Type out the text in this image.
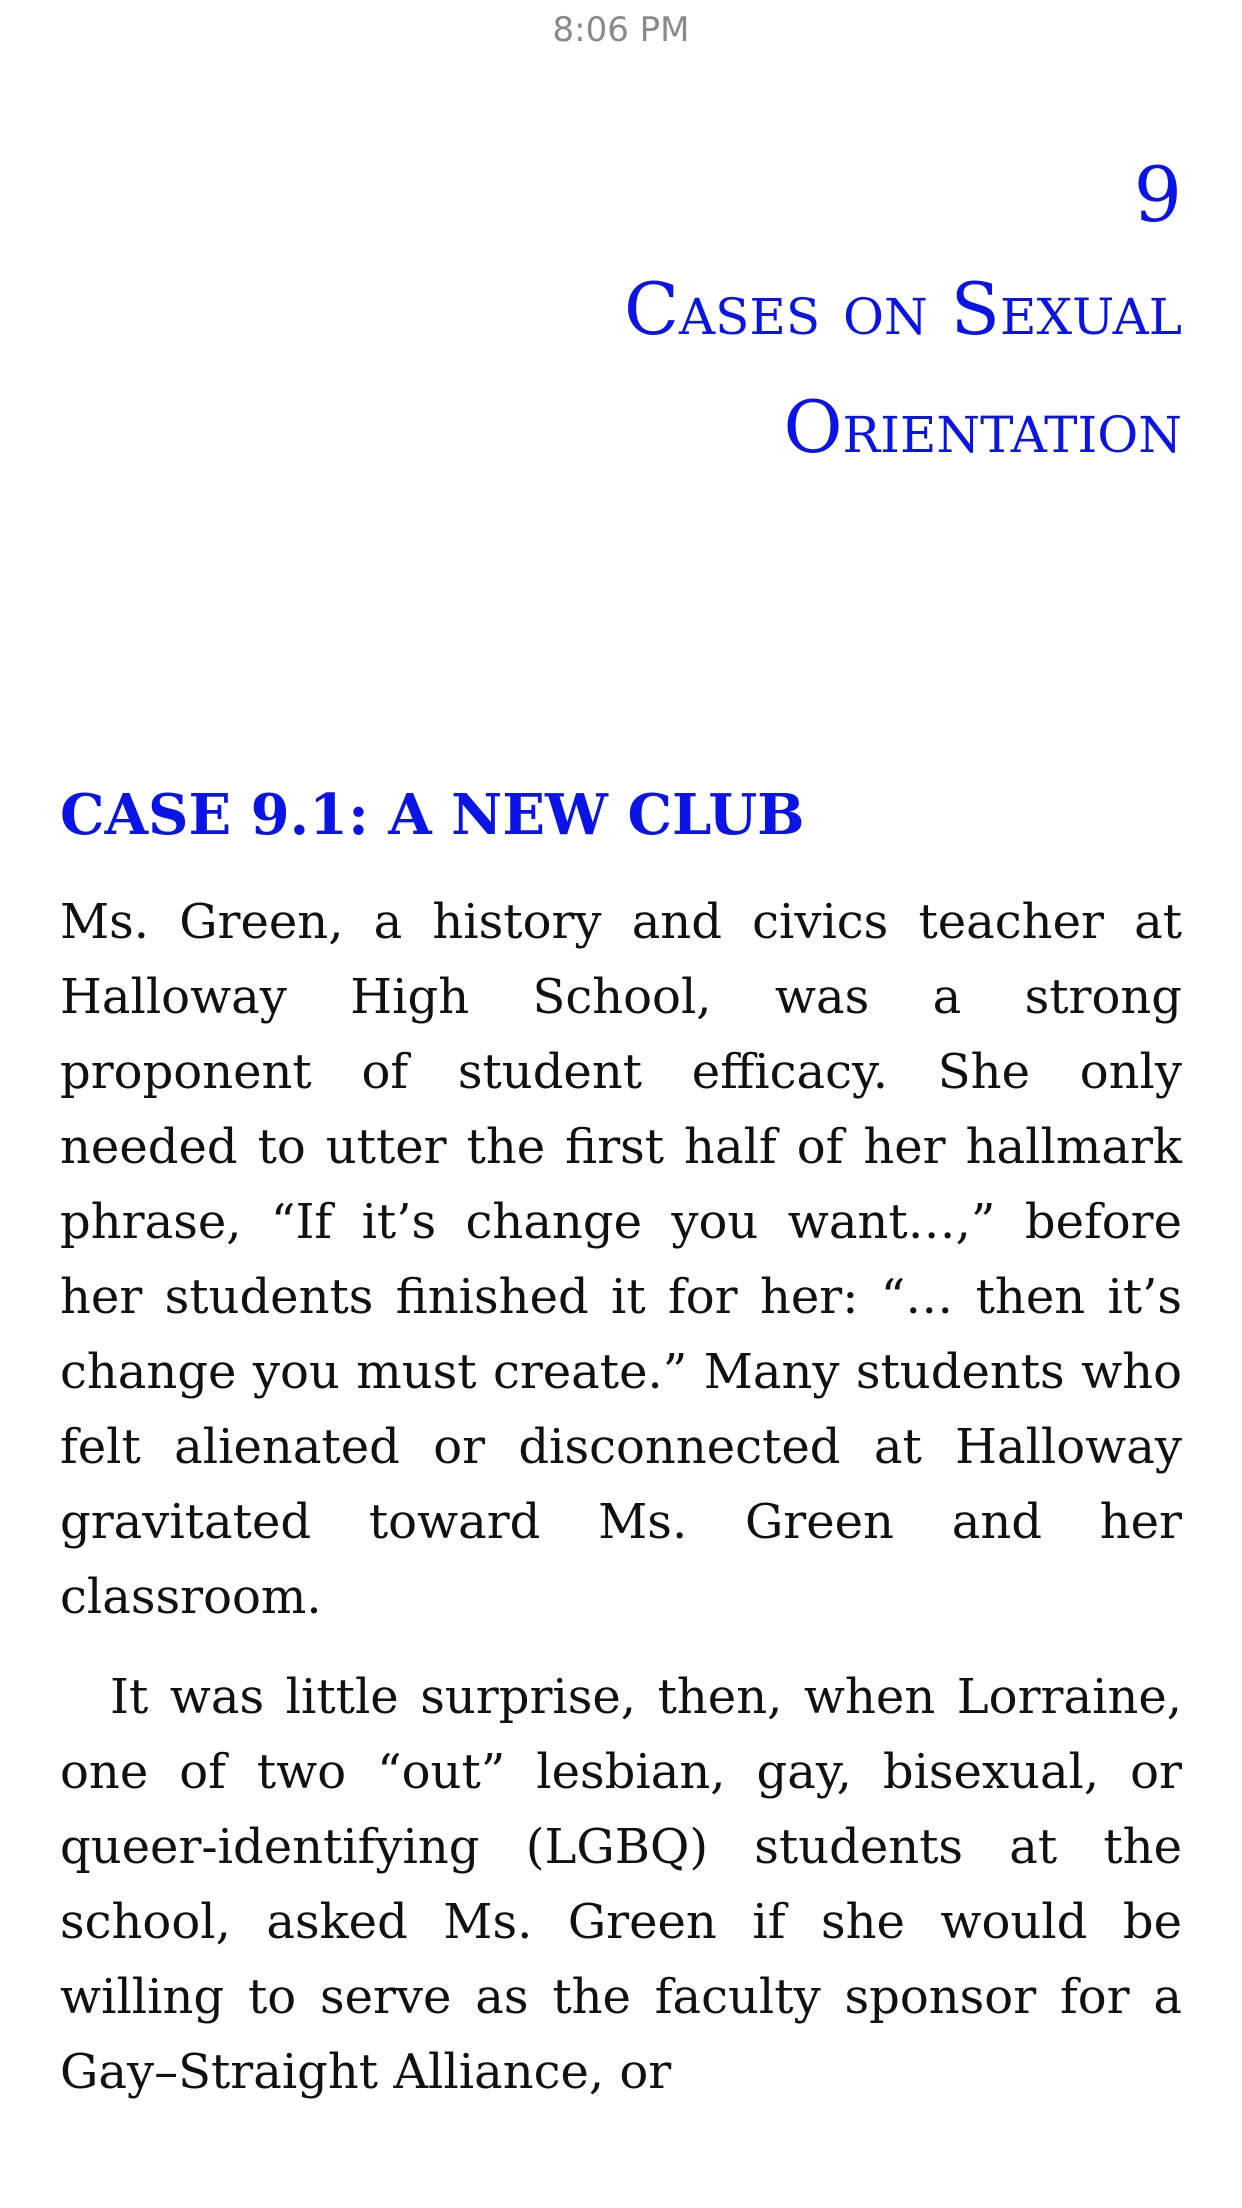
8:06 PM
9
Cases on Sexual
Orientation
CASE 9.1: A NEW CLUB

Ms. Green, a history and civics teacher at Halloway High School, was a strong proponent of student efficacy. She only needed to utter the first half of her hallmark phrase, “If it’s change you want…,” before her students finished it for her: “… then it’s change you must create.” Many students who felt alienated or disconnected at Halloway gravitated toward Ms. Green and her classroom.

It was little surprise, then, when Lorraine, one of two “out” lesbian, gay, bisexual, or queer-identifying (LGBQ) students at the school, asked Ms. Green if she would be willing to serve as the faculty sponsor for a Gay–Straight Alliance, or
